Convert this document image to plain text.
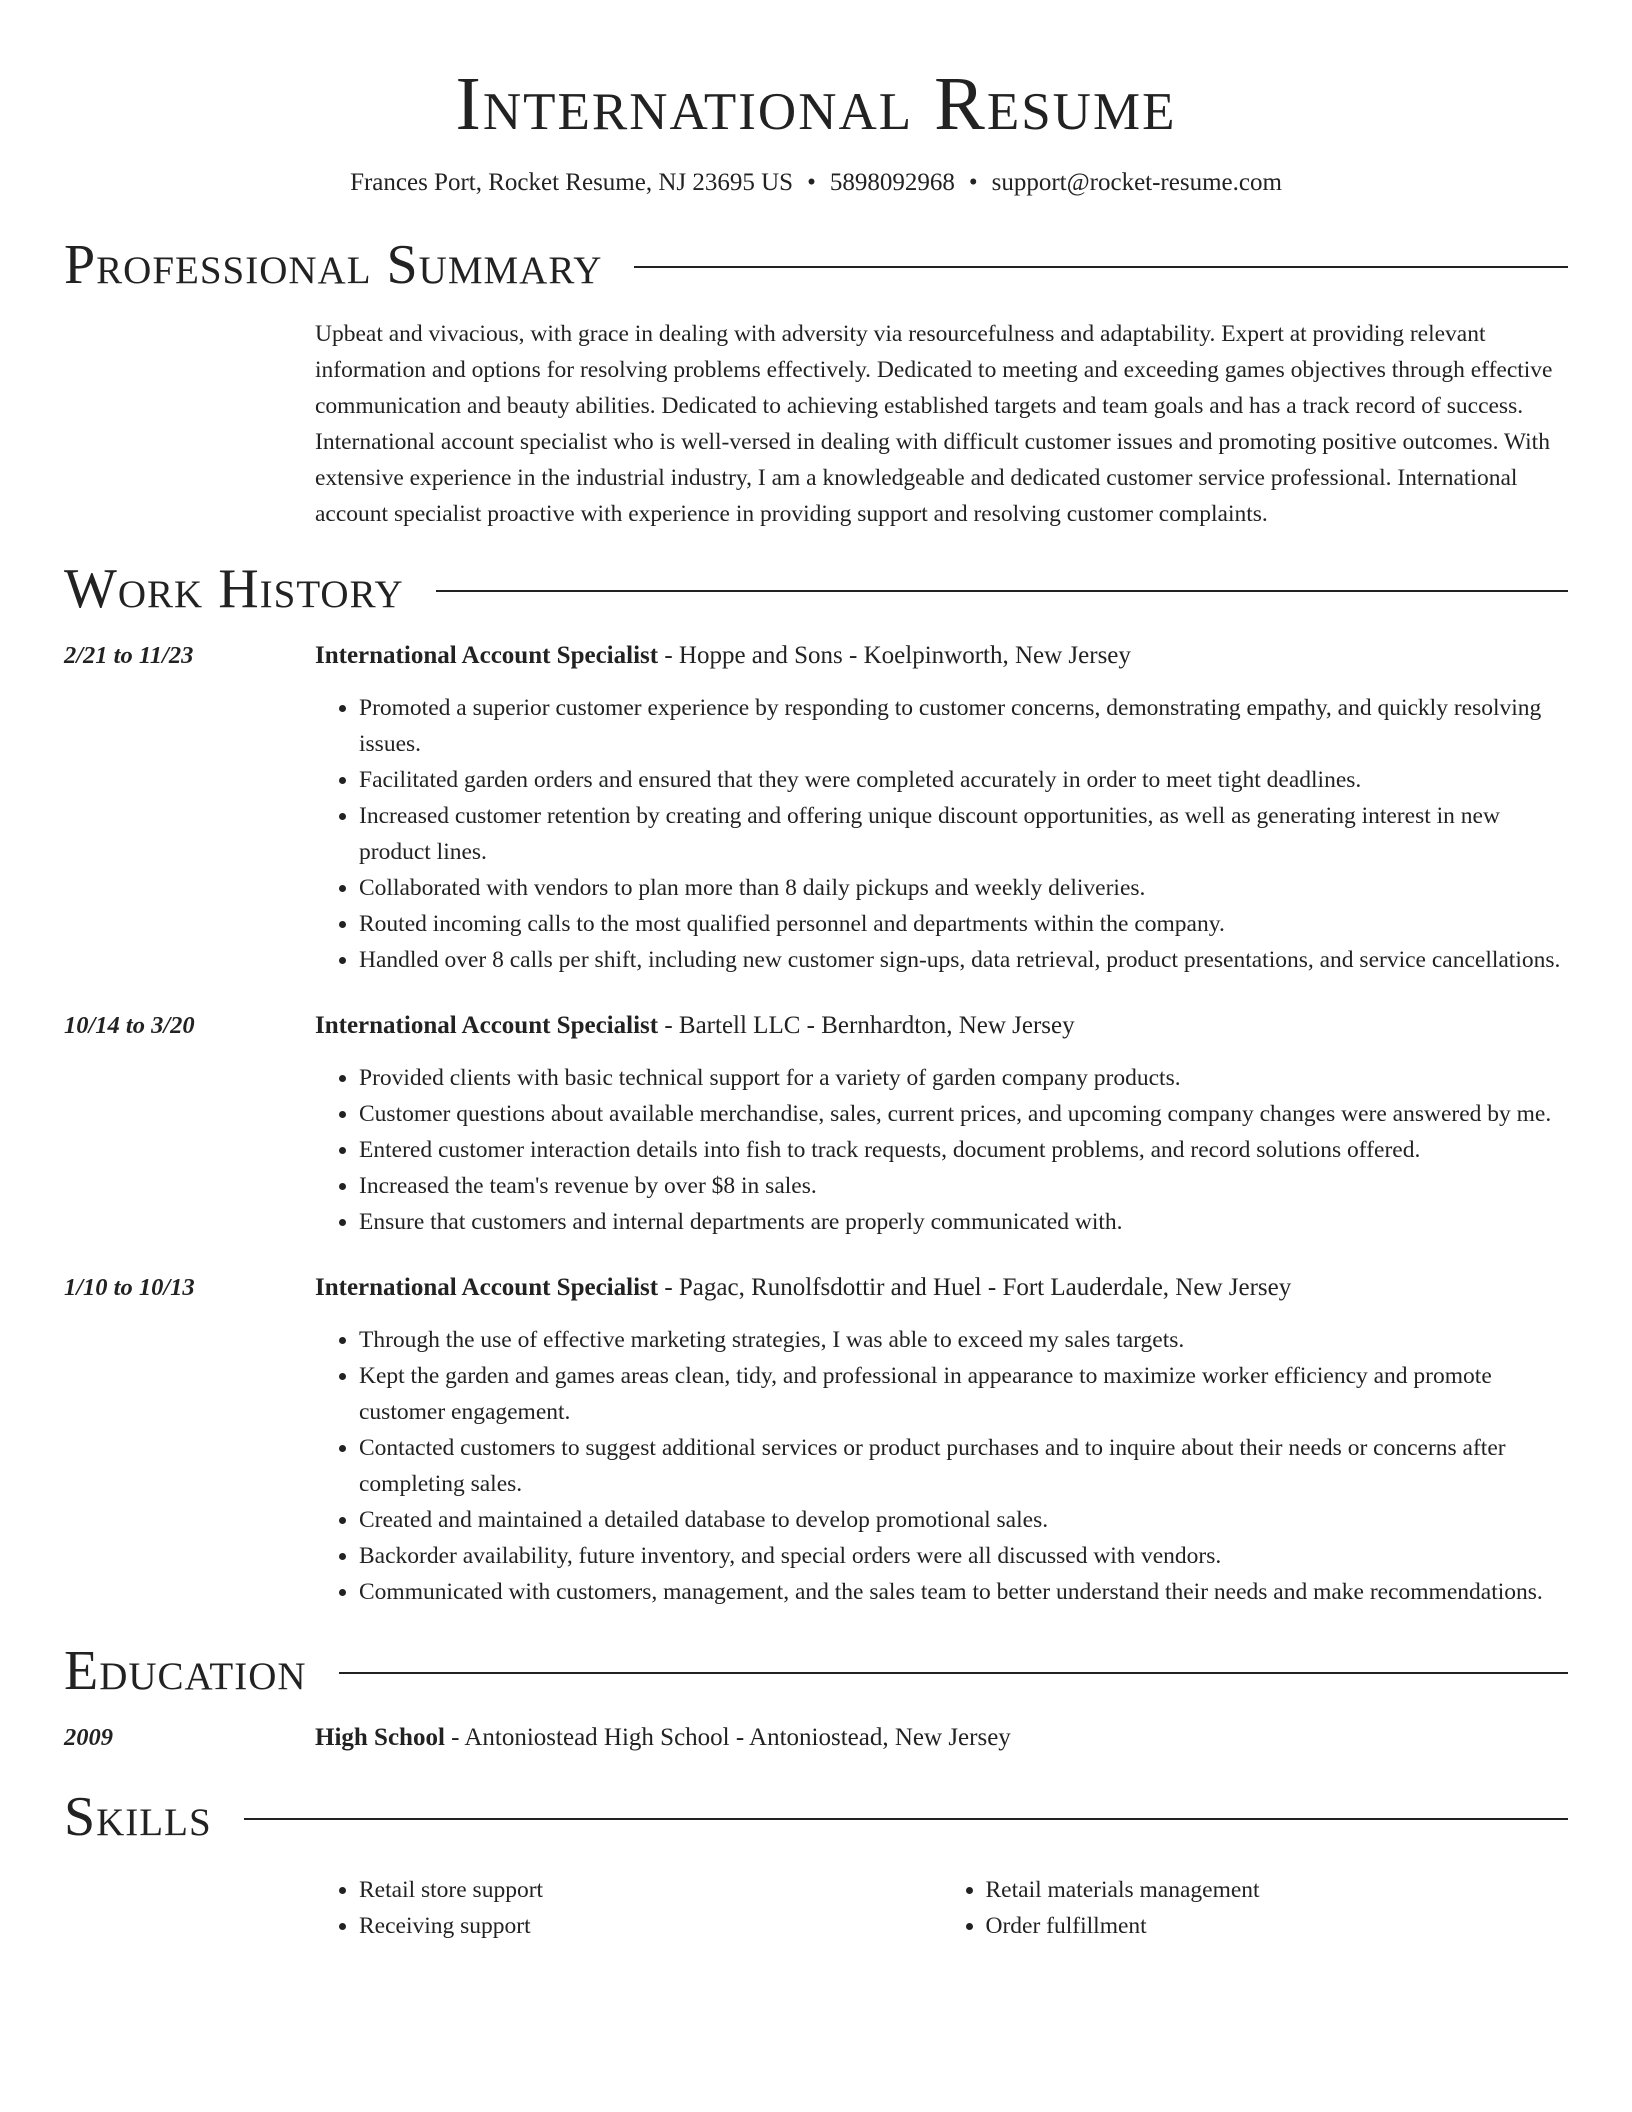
International Resume
Frances Port, Rocket Resume, NJ 23695 US • 5898092968 • support@rocket-resume.com
Professional Summary
Upbeat and vivacious, with grace in dealing with adversity via resourcefulness and adaptability. Expert at providing relevant information and options for resolving problems effectively. Dedicated to meeting and exceeding games objectives through effective communication and beauty abilities. Dedicated to achieving established targets and team goals and has a track record of success. International account specialist who is well-versed in dealing with difficult customer issues and promoting positive outcomes. With extensive experience in the industrial industry, I am a knowledgeable and dedicated customer service professional. International account specialist proactive with experience in providing support and resolving customer complaints.
Work History
2/21 to 11/23	International Account Specialist - Hoppe and Sons - Koelpinworth, New Jersey
• Promoted a superior customer experience by responding to customer concerns, demonstrating empathy, and quickly resolving issues.
• Facilitated garden orders and ensured that they were completed accurately in order to meet tight deadlines.
• Increased customer retention by creating and offering unique discount opportunities, as well as generating interest in new product lines.
• Collaborated with vendors to plan more than 8 daily pickups and weekly deliveries.
• Routed incoming calls to the most qualified personnel and departments within the company.
• Handled over 8 calls per shift, including new customer sign-ups, data retrieval, product presentations, and service cancellations.
10/14 to 3/20	International Account Specialist - Bartell LLC - Bernhardton, New Jersey
• Provided clients with basic technical support for a variety of garden company products.
• Customer questions about available merchandise, sales, current prices, and upcoming company changes were answered by me.
• Entered customer interaction details into fish to track requests, document problems, and record solutions offered.
• Increased the team's revenue by over $8 in sales.
• Ensure that customers and internal departments are properly communicated with.
1/10 to 10/13	International Account Specialist - Pagac, Runolfsdottir and Huel - Fort Lauderdale, New Jersey
• Through the use of effective marketing strategies, I was able to exceed my sales targets.
• Kept the garden and games areas clean, tidy, and professional in appearance to maximize worker efficiency and promote customer engagement.
• Contacted customers to suggest additional services or product purchases and to inquire about their needs or concerns after completing sales.
• Created and maintained a detailed database to develop promotional sales.
• Backorder availability, future inventory, and special orders were all discussed with vendors.
• Communicated with customers, management, and the sales team to better understand their needs and make recommendations.
Education
2009	High School - Antoniostead High School - Antoniostead, New Jersey
Skills
• Retail store support
• Receiving support
• Retail materials management
• Order fulfillment
